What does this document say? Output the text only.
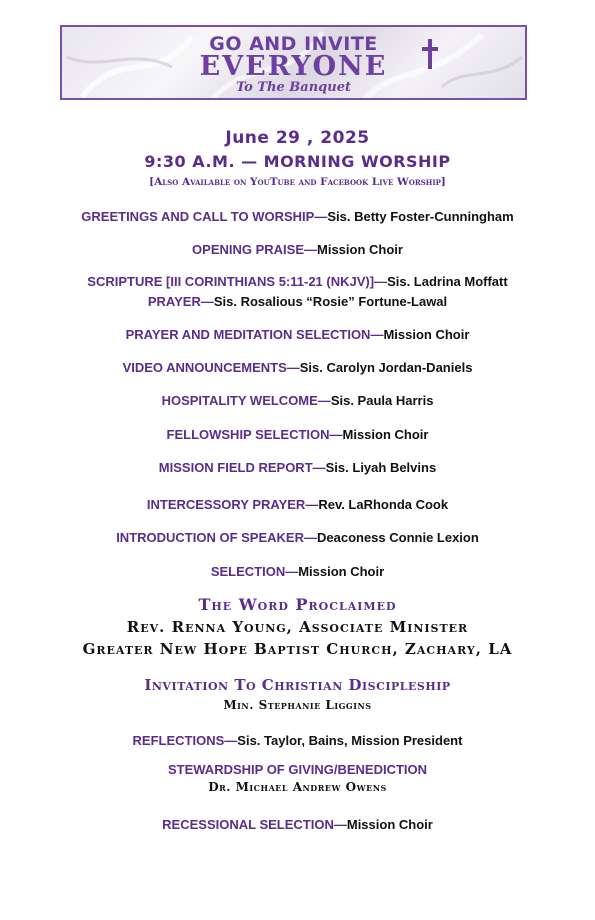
GO AND INVITE
EVERYONE
To The Banquet
June 29 , 2025
9:30 A.M. — MORNING WORSHIP
[Also Available on YouTube and Facebook Live Worship]
GREETINGS AND CALL TO WORSHIP—Sis. Betty Foster-Cunningham
OPENING PRAISE—Mission Choir
SCRIPTURE [III CORINTHIANS 5:11-21 (NKJV)]—Sis. Ladrina Moffatt
PRAYER—Sis. Rosalious “Rosie” Fortune-Lawal
PRAYER AND MEDITATION SELECTION—Mission Choir
VIDEO ANNOUNCEMENTS—Sis. Carolyn Jordan-Daniels
HOSPITALITY WELCOME—Sis. Paula Harris
FELLOWSHIP SELECTION—Mission Choir
MISSION FIELD REPORT—Sis. Liyah Belvins
INTERCESSORY PRAYER—Rev. LaRhonda Cook
INTRODUCTION OF SPEAKER—Deaconess Connie Lexion
SELECTION—Mission Choir
The Word Proclaimed
Rev. Renna Young, Associate Minister
Greater New Hope Baptist Church, Zachary, LA
Invitation To Christian Discipleship
Min. Stephanie Liggins
REFLECTIONS—Sis. Taylor, Bains, Mission President
STEWARDSHIP OF GIVING/BENEDICTION
Dr. Michael Andrew Owens
RECESSIONAL SELECTION—Mission Choir
